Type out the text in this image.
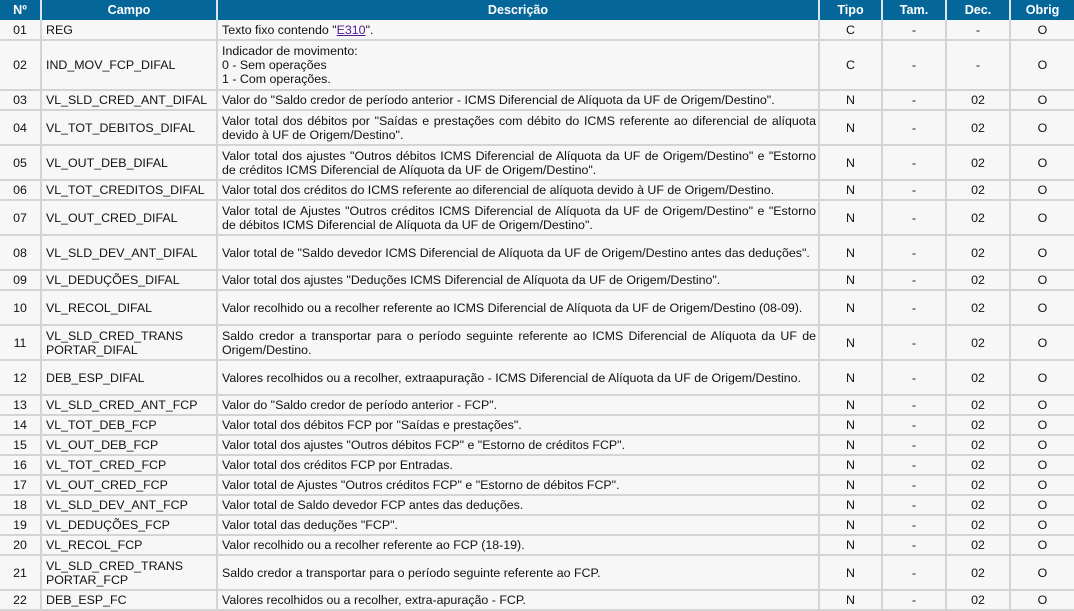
Nº	Campo	Descrição	Tipo	Tam.	Dec.	Obrig
01	REG	Texto fixo contendo "E310".	C	-	-	O
02	IND_MOV_FCP_DIFAL	Indicador de movimento:
0 - Sem operações
1 - Com operações.	C	-	-	O
03	VL_SLD_CRED_ANT_DIFAL	Valor do "Saldo credor de período anterior - ICMS Diferencial de Alíquota da UF de Origem/Destino".	N	-	02	O
04	VL_TOT_DEBITOS_DIFAL	Valor total dos débitos por "Saídas e prestações com débito do ICMS referente ao diferencial de alíquota devido à UF de Origem/Destino".	N	-	02	O
05	VL_OUT_DEB_DIFAL	Valor total dos ajustes "Outros débitos ICMS Diferencial de Alíquota da UF de Origem/Destino" e "Estorno de créditos ICMS Diferencial de Alíquota da UF de Origem/Destino".	N	-	02	O
06	VL_TOT_CREDITOS_DIFAL	Valor total dos créditos do ICMS referente ao diferencial de alíquota devido à UF de Origem/Destino.	N	-	02	O
07	VL_OUT_CRED_DIFAL	Valor total de Ajustes "Outros créditos ICMS Diferencial de Alíquota da UF de Origem/Destino" e "Estorno de débitos ICMS Diferencial de Alíquota da UF de Origem/Destino".	N	-	02	O
08	VL_SLD_DEV_ANT_DIFAL	Valor total de "Saldo devedor ICMS Diferencial de Alíquota da UF de Origem/Destino antes das deduções".	N	-	02	O
09	VL_DEDUÇÕES_DIFAL	Valor total dos ajustes "Deduções ICMS Diferencial de Alíquota da UF de Origem/Destino".	N	-	02	O
10	VL_RECOL_DIFAL	Valor recolhido ou a recolher referente ao ICMS Diferencial de Alíquota da UF de Origem/Destino (08-09).	N	-	02	O
11	VL_SLD_CRED_TRANS PORTAR_DIFAL	Saldo credor a transportar para o período seguinte referente ao ICMS Diferencial de Alíquota da UF de Origem/Destino.	N	-	02	O
12	DEB_ESP_DIFAL	Valores recolhidos ou a recolher, extraapuração - ICMS Diferencial de Alíquota da UF de Origem/Destino.	N	-	02	O
13	VL_SLD_CRED_ANT_FCP	Valor do "Saldo credor de período anterior - FCP".	N	-	02	O
14	VL_TOT_DEB_FCP	Valor total dos débitos FCP por "Saídas e prestações".	N	-	02	O
15	VL_OUT_DEB_FCP	Valor total dos ajustes "Outros débitos FCP" e "Estorno de créditos FCP".	N	-	02	O
16	VL_TOT_CRED_FCP	Valor total dos créditos FCP por Entradas.	N	-	02	O
17	VL_OUT_CRED_FCP	Valor total de Ajustes "Outros créditos FCP" e "Estorno de débitos FCP".	N	-	02	O
18	VL_SLD_DEV_ANT_FCP	Valor total de Saldo devedor FCP antes das deduções.	N	-	02	O
19	VL_DEDUÇÕES_FCP	Valor total das deduções "FCP".	N	-	02	O
20	VL_RECOL_FCP	Valor recolhido ou a recolher referente ao FCP (18-19).	N	-	02	O
21	VL_SLD_CRED_TRANS PORTAR_FCP	Saldo credor a transportar para o período seguinte referente ao FCP.	N	-	02	O
22	DEB_ESP_FC	Valores recolhidos ou a recolher, extra-apuração - FCP.	N	-	02	O
